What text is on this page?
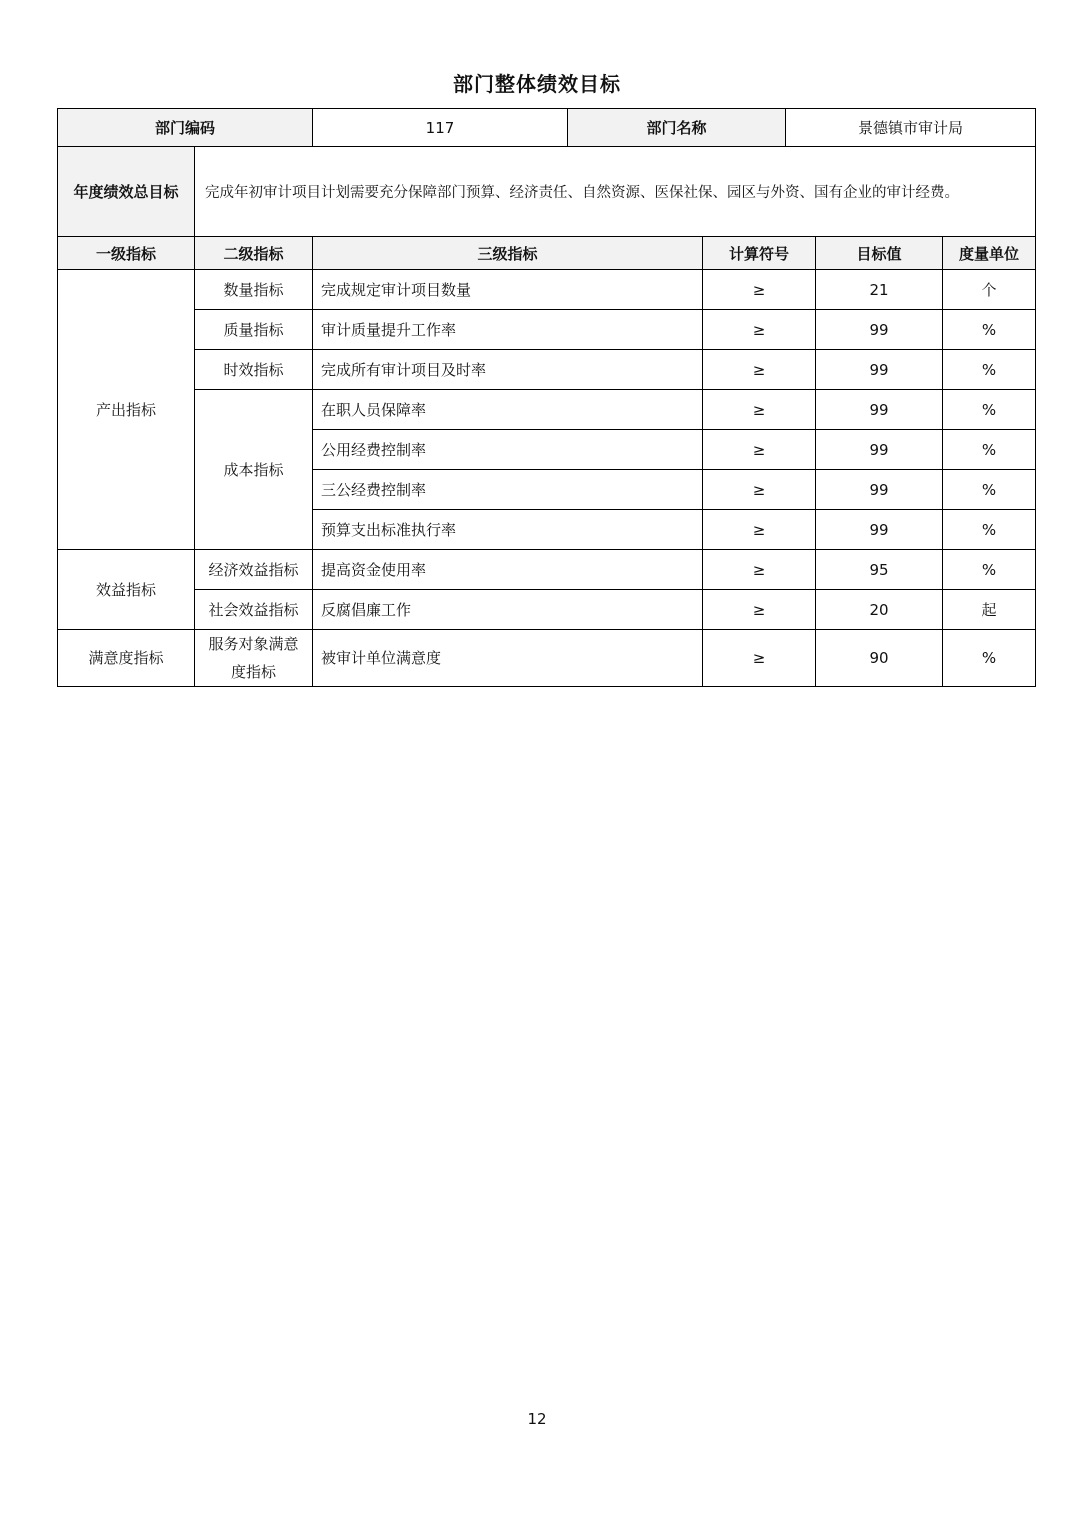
部门整体绩效目标
部门编码	117	部门名称	景德镇市审计局
年度绩效总目标	完成年初审计项目计划需要充分保障部门预算、经济责任、自然资源、医保社保、园区与外资、国有企业的审计经费。
一级指标	二级指标	三级指标	计算符号	目标值	度量单位
产出指标	数量指标	完成规定审计项目数量	≥	21	个
	质量指标	审计质量提升工作率	≥	99	%
	时效指标	完成所有审计项目及时率	≥	99	%
	成本指标	在职人员保障率	≥	99	%
		公用经费控制率	≥	99	%
		三公经费控制率	≥	99	%
		预算支出标准执行率	≥	99	%
效益指标	经济效益指标	提高资金使用率	≥	95	%
	社会效益指标	反腐倡廉工作	≥	20	起
满意度指标	服务对象满意度指标	被审计单位满意度	≥	90	%
12
